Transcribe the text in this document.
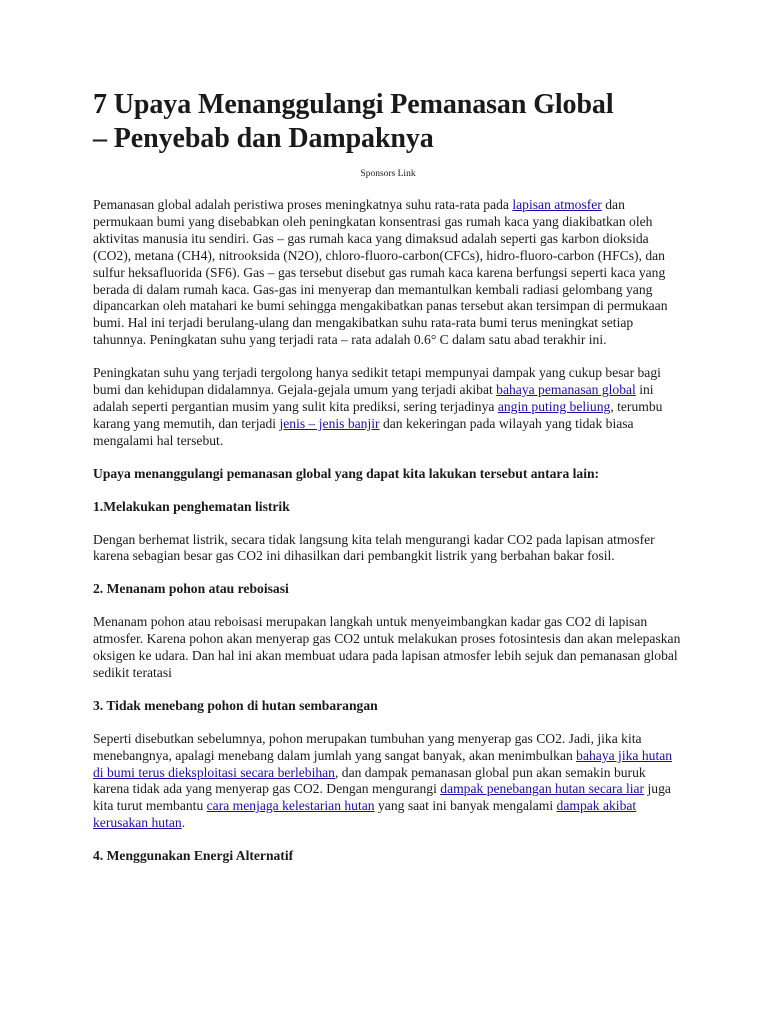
7 Upaya Menanggulangi Pemanasan Global
– Penyebab dan Dampaknya
Sponsors Link

Pemanasan global adalah peristiwa proses meningkatnya suhu rata-rata pada lapisan atmosfer dan permukaan bumi yang disebabkan oleh peningkatan konsentrasi gas rumah kaca yang diakibatkan oleh aktivitas manusia itu sendiri. Gas – gas rumah kaca yang dimaksud adalah seperti gas karbon dioksida (CO2), metana (CH4), nitrooksida (N2O), chloro-fluoro-carbon(CFCs), hidro-fluoro-carbon (HFCs), dan sulfur heksafluorida (SF6). Gas – gas tersebut disebut gas rumah kaca karena berfungsi seperti kaca yang berada di dalam rumah kaca. Gas-gas ini menyerap dan memantulkan kembali radiasi gelombang yang dipancarkan oleh matahari ke bumi sehingga mengakibatkan panas tersebut akan tersimpan di permukaan bumi. Hal ini terjadi berulang-ulang dan mengakibatkan suhu rata-rata bumi terus meningkat setiap tahunnya. Peningkatan suhu yang terjadi rata – rata adalah 0.6° C dalam satu abad terakhir ini.

Peningkatan suhu yang terjadi tergolong hanya sedikit tetapi mempunyai dampak yang cukup besar bagi bumi dan kehidupan didalamnya. Gejala-gejala umum yang terjadi akibat bahaya pemanasan global ini adalah seperti pergantian musim yang sulit kita prediksi, sering terjadinya angin puting beliung, terumbu karang yang memutih, dan terjadi jenis – jenis banjir dan kekeringan pada wilayah yang tidak biasa mengalami hal tersebut.

Upaya menanggulangi pemanasan global yang dapat kita lakukan tersebut antara lain:

1.Melakukan penghematan listrik

Dengan berhemat listrik, secara tidak langsung kita telah mengurangi kadar CO2 pada lapisan atmosfer karena sebagian besar gas CO2 ini dihasilkan dari pembangkit listrik yang berbahan bakar fosil.

2. Menanam pohon atau reboisasi

Menanam pohon atau reboisasi merupakan langkah untuk menyeimbangkan kadar gas CO2 di lapisan atmosfer. Karena pohon akan menyerap gas CO2 untuk melakukan proses fotosintesis dan akan melepaskan oksigen ke udara. Dan hal ini akan membuat udara pada lapisan atmosfer lebih sejuk dan pemanasan global sedikit teratasi

3. Tidak menebang pohon di hutan sembarangan

Seperti disebutkan sebelumnya, pohon merupakan tumbuhan yang menyerap gas CO2. Jadi, jika kita menebangnya, apalagi menebang dalam jumlah yang sangat banyak, akan menimbulkan bahaya jika hutan di bumi terus dieksploitasi secara berlebihan, dan dampak pemanasan global pun akan semakin buruk karena tidak ada yang menyerap gas CO2. Dengan mengurangi dampak penebangan hutan secara liar juga kita turut membantu cara menjaga kelestarian hutan yang saat ini banyak mengalami dampak akibat kerusakan hutan.

4. Menggunakan Energi Alternatif
